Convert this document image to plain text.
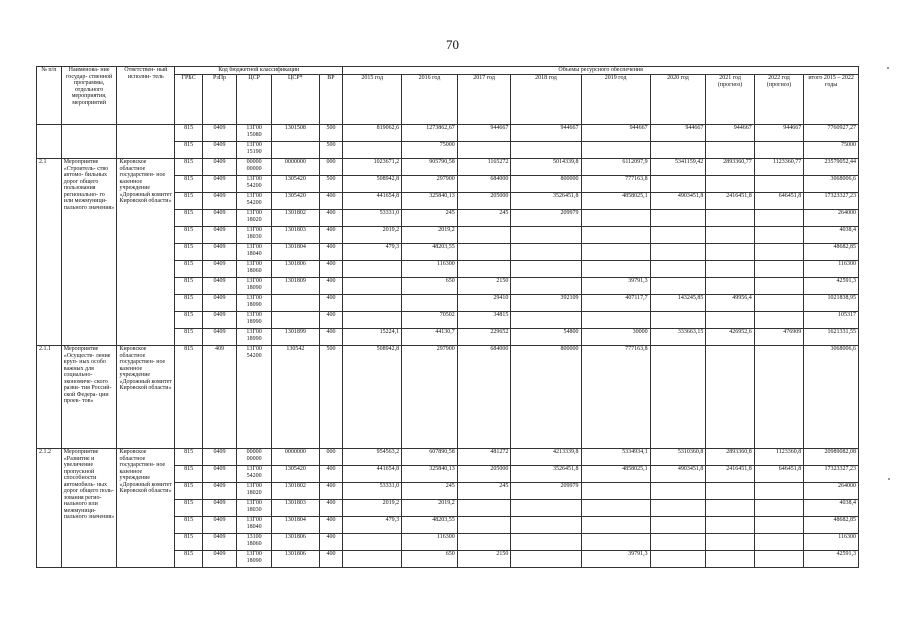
70
№ п/п	Наименова- ние государ- ственной программы, отдельного мероприятия, мероприятий	Ответствен- ный исполни- тель	Код бюджетной классификации					Объемы ресурсного обеспечения								
			ГРБС	РзПр	ЦСР	ЦСР*	ВР	2015 год	2016 год	2017 год	2018 год	2019 год	2020 год	2021 год (прогноз)	2022 год (прогноз)	итого 2015 – 2022 годы
			815	0409	13Г00 15080	1301508	500	819062,6	1273862,67	944667	944667	944667	944667	944667	944667	7760927,27
			815	0409	13Г00 15190		500		75000							75000
2.1	Мероприятие «Строитель- ство автомо- бильных дорог общего пользования регионально- го или межмуници- пального значения»	Кировское областное государствен- ное казенное учреждение «Дорожный комитет Кировской области»	815	0409	00000 00000	0000000	000	1023671,2	905790,58	1165272	5014339,8	6112097,9	5341159,42	2893360,77	1123360,77	23579052,44
			815	0409	13Г00 54200	1305420	500	508942,8	297900	684000	800000	777163,8				3068006,6
			815	0409	13Г00 54200	1305420	400	441654,8	325840,13	205000	3526451,8	4858025,1	4903451,8	2416451,8	646451,8	17323327,23
			815	0409	13Г00 18020	1301802	400	53331,0	245	245	209979					264000
			815	0409	13Г00 18030	1301803	400	2019,2	2019,2							4038,4
			815	0409	13Г00 18040	1301804	400	479,3	48203,55							48682,85
			815	0409	13Г00 18060	1301806	400		116300							116300
			815	0409	13Г00 18090	1301809	400		650	2150		39791,3				42591,3
			815	0409	13Г00 18090		400			29410	392109	407117,7	143245,85	49956,4		1021838,95
			815	0409	13Г00 18990		400		70502	34815						105317
			815	0409	13Г00 18990	1301899	400	15224,1	44130,7	229652	54800	30000	333663,15	426952,6	476909	1621331,55
2.1.1	Мероприятие «Осуществ- ление круп- ных особо важных для социально- экономиче- ского разви- тия Россий- ской Федера- ции проек- тов»	Кировское областное государствен- ное казенное учреждение «Дорожный комитет Кировской области»	815	409	13Г00 54200	130542	500	508942,8	297900	684000	800000	777163,8				3068006,6
2.1.2	Мероприятие «Развитие и увеличение пропускной способности автомобиль- ных дорог общего поль- зования регио- нального или межмуници- пального значения»	Кировское областное государствен- ное казенное учреждение «Дорожный комитет Кировской области»	815	0409	00000 00000	0000000	000	954563,2	607890,58	481272	4213339,8	5334934,1	5310360,8	2893360,8	1123360,8	20989082,08
			815	0409	13Г00 54200	1305420	400	441654,8	325840,13	205000	3526451,8	4858025,1	4903451,8	2416451,8	646451,8	17323327,23
			815	0409	13Г00 18020	1301802	400	53331,0	245	245	209979					264000
			815	0409	13Г00 18030	1301803	400	2019,2	2019,2							4038,4
			815	0409	13Г00 18040	1301804	400	479,3	48203,55							48682,85
			815	0409	13100 18060	1301806	400		116300							116300
			815	0409	13Г00 18090	1301806	400		650	2150		39791,3				42591,3
